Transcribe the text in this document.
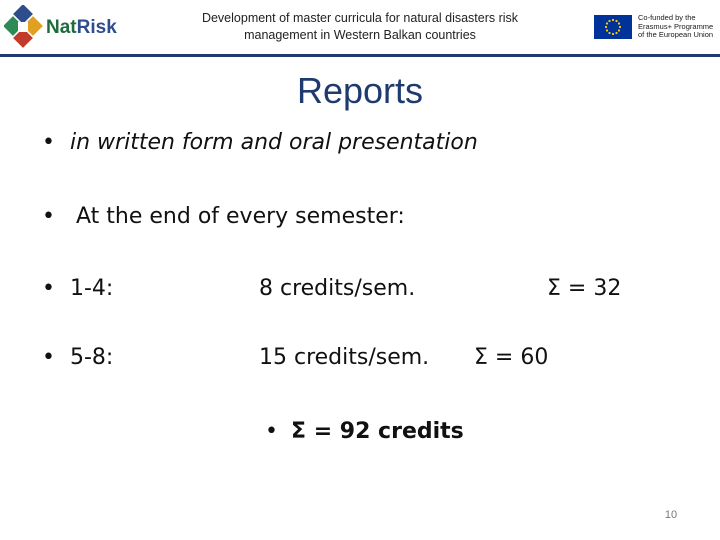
NatRisk	Development of master curricula for natural disasters risk
management in Western Balkan countries
Co-funded by the
Erasmus+ Programme
of the European Union
Reports
• in written form and oral presentation
• At the end of every semester:
• 1-4:	8 credits/sem.	Σ = 32
• 5-8:	15 credits/sem. Σ = 60
• Σ = 92 credits
10
